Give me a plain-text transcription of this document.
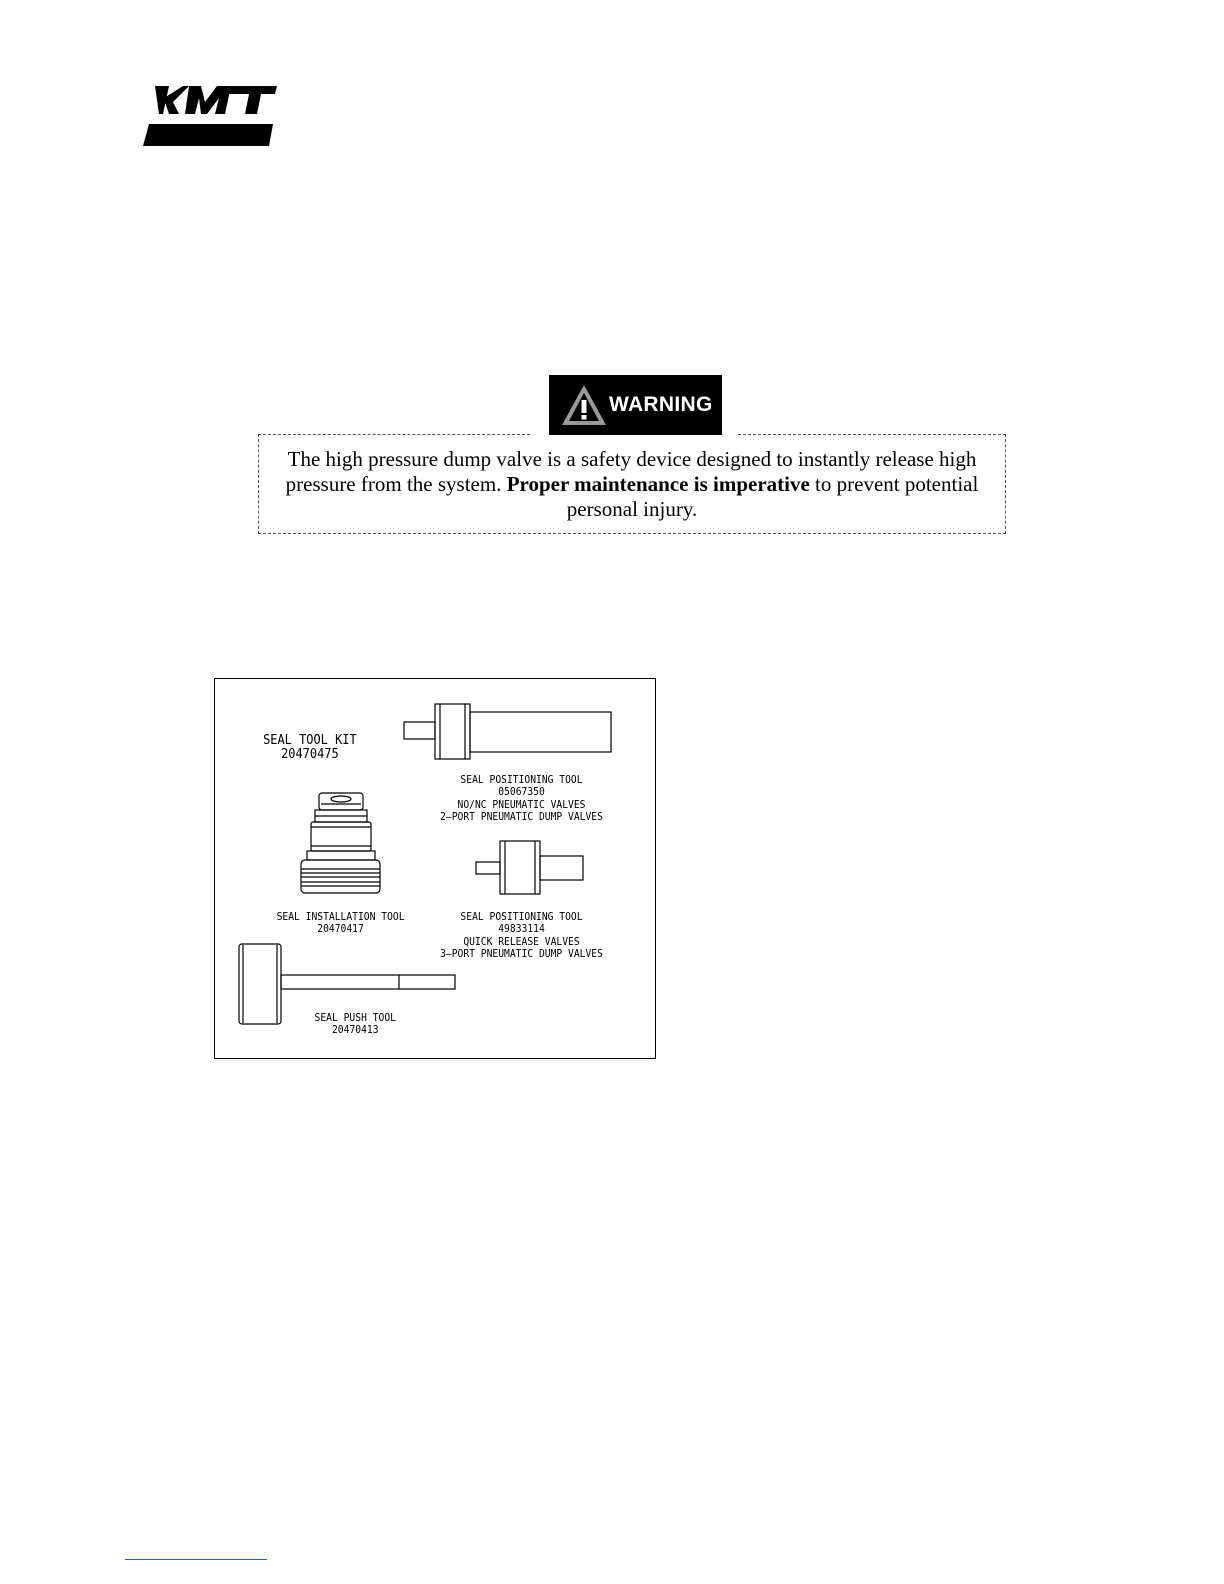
WARNING
The high pressure dump valve is a safety device designed to instantly release high pressure from the system. Proper maintenance is imperative to prevent potential personal injury.
SEAL TOOL KIT
20470475
SEAL POSITIONING TOOL
05067350
NO/NC PNEUMATIC VALVES
2–PORT PNEUMATIC DUMP VALVES
SEAL INSTALLATION TOOL
20470417
SEAL POSITIONING TOOL
49833114
QUICK RELEASE VALVES
3–PORT PNEUMATIC DUMP VALVES
SEAL PUSH TOOL
20470413
